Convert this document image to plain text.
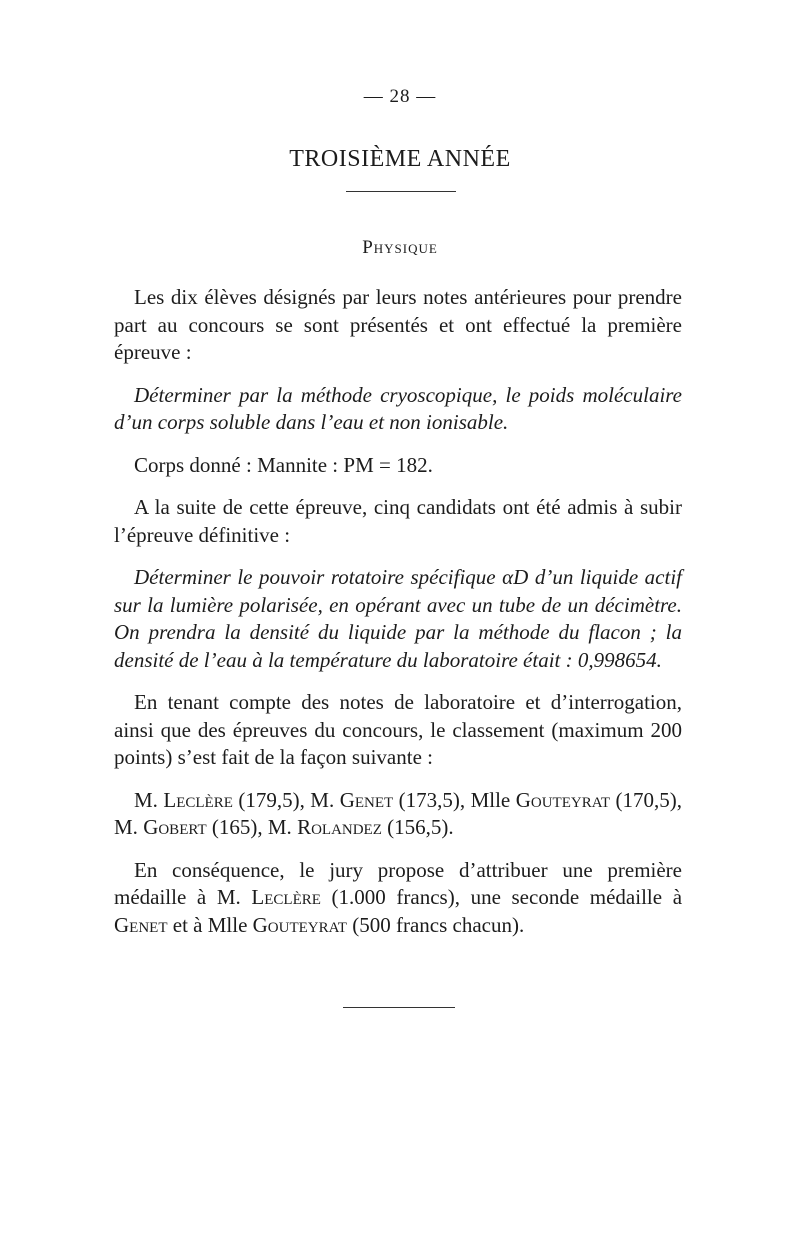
— 28 —
TROISIÈME ANNÉE
Physique

Les dix élèves désignés par leurs notes antérieures pour prendre part au concours se sont présentés et ont effectué la première épreuve :

Déterminer par la méthode cryoscopique, le poids moléculaire d’un corps soluble dans l’eau et non ionisable.

Corps donné : Mannite : PM = 182.

A la suite de cette épreuve, cinq candidats ont été admis à subir l’épreuve définitive :

Déterminer le pouvoir rotatoire spécifique αD d’un liquide actif sur la lumière polarisée, en opérant avec un tube de un décimètre. On prendra la densité du liquide par la méthode du flacon ; la densité de l’eau à la température du laboratoire était : 0,998654.

En tenant compte des notes de laboratoire et d’interrogation, ainsi que des épreuves du concours, le classement (maximum 200 points) s’est fait de la façon suivante :

M. Leclère (179,5), M. Genet (173,5), Mlle Gouteyrat (170,5), M. Gobert (165), M. Rolandez (156,5).

En conséquence, le jury propose d’attribuer une première médaille à M. Leclère (1.000 francs), une seconde médaille à Genet et à Mlle Gouteyrat (500 francs chacun).
